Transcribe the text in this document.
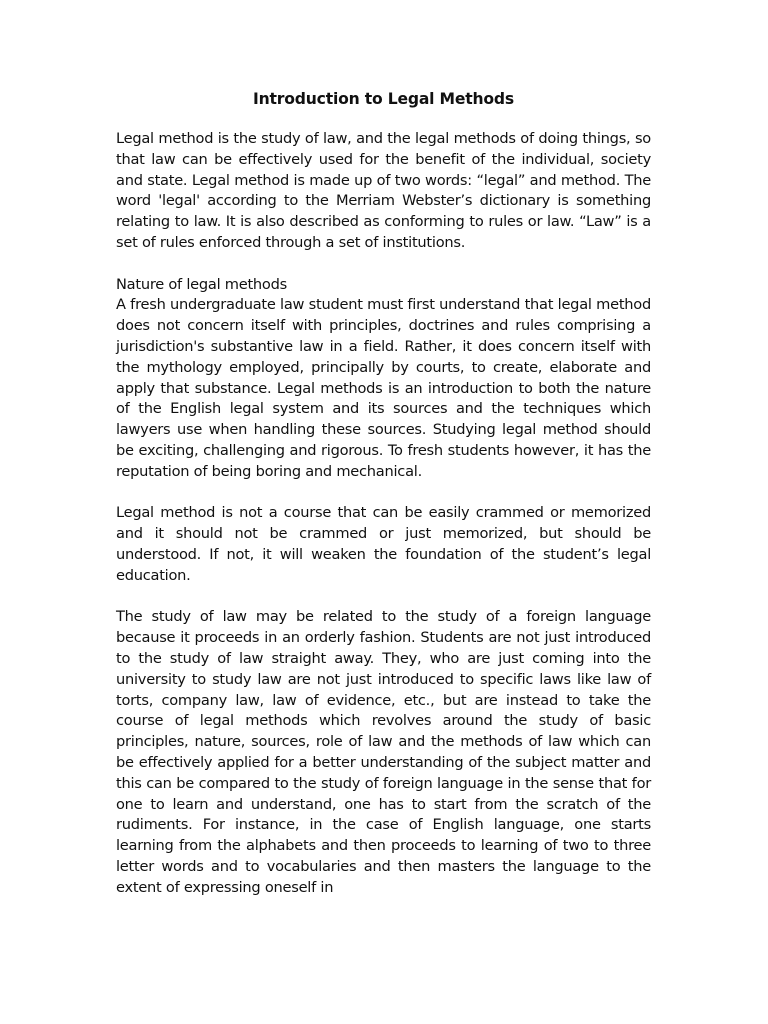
Introduction to Legal Methods
Legal method is the study of law, and the legal methods of doing things, so that law can be effectively used for the benefit of the individual, society and state. Legal method is made up of two words: “legal” and method. The word 'legal' according to the Merriam Webster’s dictionary is something relating to law. It is also described as conforming to rules or law. “Law” is a set of rules enforced through a set of institutions.
Nature of legal methods
A fresh undergraduate law student must first understand that legal method does not concern itself with principles, doctrines and rules comprising a jurisdiction's substantive law in a field. Rather, it does concern itself with the mythology employed, principally by courts, to create, elaborate and apply that substance. Legal methods is an introduction to both the nature of the English legal system and its sources and the techniques which lawyers use when handling these sources. Studying legal method should be exciting, challenging and rigorous. To fresh students however, it has the reputation of being boring and mechanical.
Legal method is not a course that can be easily crammed or memorized and it should not be crammed or just memorized, but should be understood. If not, it will weaken the foundation of the student’s legal education.
The study of law may be related to the study of a foreign language because it proceeds in an orderly fashion. Students are not just introduced to the study of law straight away. They, who are just coming into the university to study law are not just introduced to specific laws like law of torts, company law, law of evidence, etc., but are instead to take the course of legal methods which revolves around the study of basic principles, nature, sources, role of law and the methods of law which can be effectively applied for a better understanding of the subject matter and this can be compared to the study of foreign language in the sense that for one to learn and understand, one has to start from the scratch of the rudiments. For instance, in the case of English language, one starts learning from the alphabets and then proceeds to learning of two to three letter words and to vocabularies and then masters the language to the extent of expressing oneself in
